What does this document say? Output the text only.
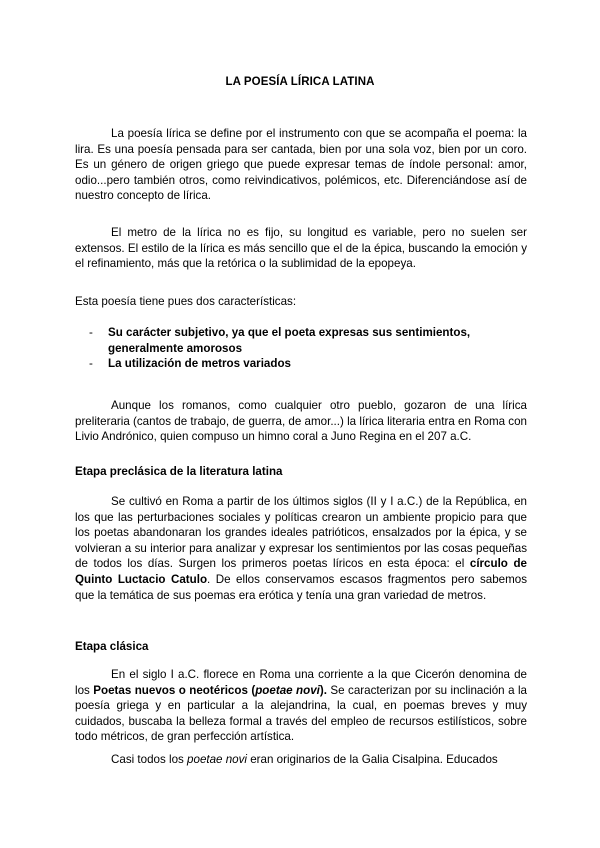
LA POESÍA LÍRICA LATINA
La poesía lírica se define por el instrumento con que se acompaña el poema: la lira. Es una poesía pensada para ser cantada, bien por una sola voz, bien por un coro. Es un género de origen griego que puede expresar temas de índole personal: amor, odio...pero también otros, como reivindicativos, polémicos, etc. Diferenciándose así de nuestro concepto de lírica.
El metro de la lírica no es fijo, su longitud es variable, pero no suelen ser extensos. El estilo de la lírica es más sencillo que el de la épica, buscando la emoción y el refinamiento, más que la retórica o la sublimidad de la epopeya.
Esta poesía tiene pues dos características:
- Su carácter subjetivo, ya que el poeta expresas sus sentimientos, generalmente amorosos
- La utilización de metros variados
Aunque los romanos, como cualquier otro pueblo, gozaron de una lírica preliteraria (cantos de trabajo, de guerra, de amor...) la lírica literaria entra en Roma con Livio Andrónico, quien compuso un himno coral a Juno Regina en el 207 a.C.
Etapa preclásica de la literatura latina
Se cultivó en Roma a partir de los últimos siglos (II y I a.C.) de la República, en los que las perturbaciones sociales y políticas crearon un ambiente propicio para que los poetas abandonaran los grandes ideales patrióticos, ensalzados por la épica, y se volvieran a su interior para analizar y expresar los sentimientos por las cosas pequeñas de todos los días. Surgen los primeros poetas líricos en esta época: el círculo de Quinto Luctacio Catulo. De ellos conservamos escasos fragmentos pero sabemos que la temática de sus poemas era erótica y tenía una gran variedad de metros.
Etapa clásica
En el siglo I a.C. florece en Roma una corriente a la que Cicerón denomina de los Poetas nuevos o neotéricos (poetae novi). Se caracterizan por su inclinación a la poesía griega y en particular a la alejandrina, la cual, en poemas breves y muy cuidados, buscaba la belleza formal a través del empleo de recursos estilísticos, sobre todo métricos, de gran perfección artística.
Casi todos los poetae novi eran originarios de la Galia Cisalpina. Educados
